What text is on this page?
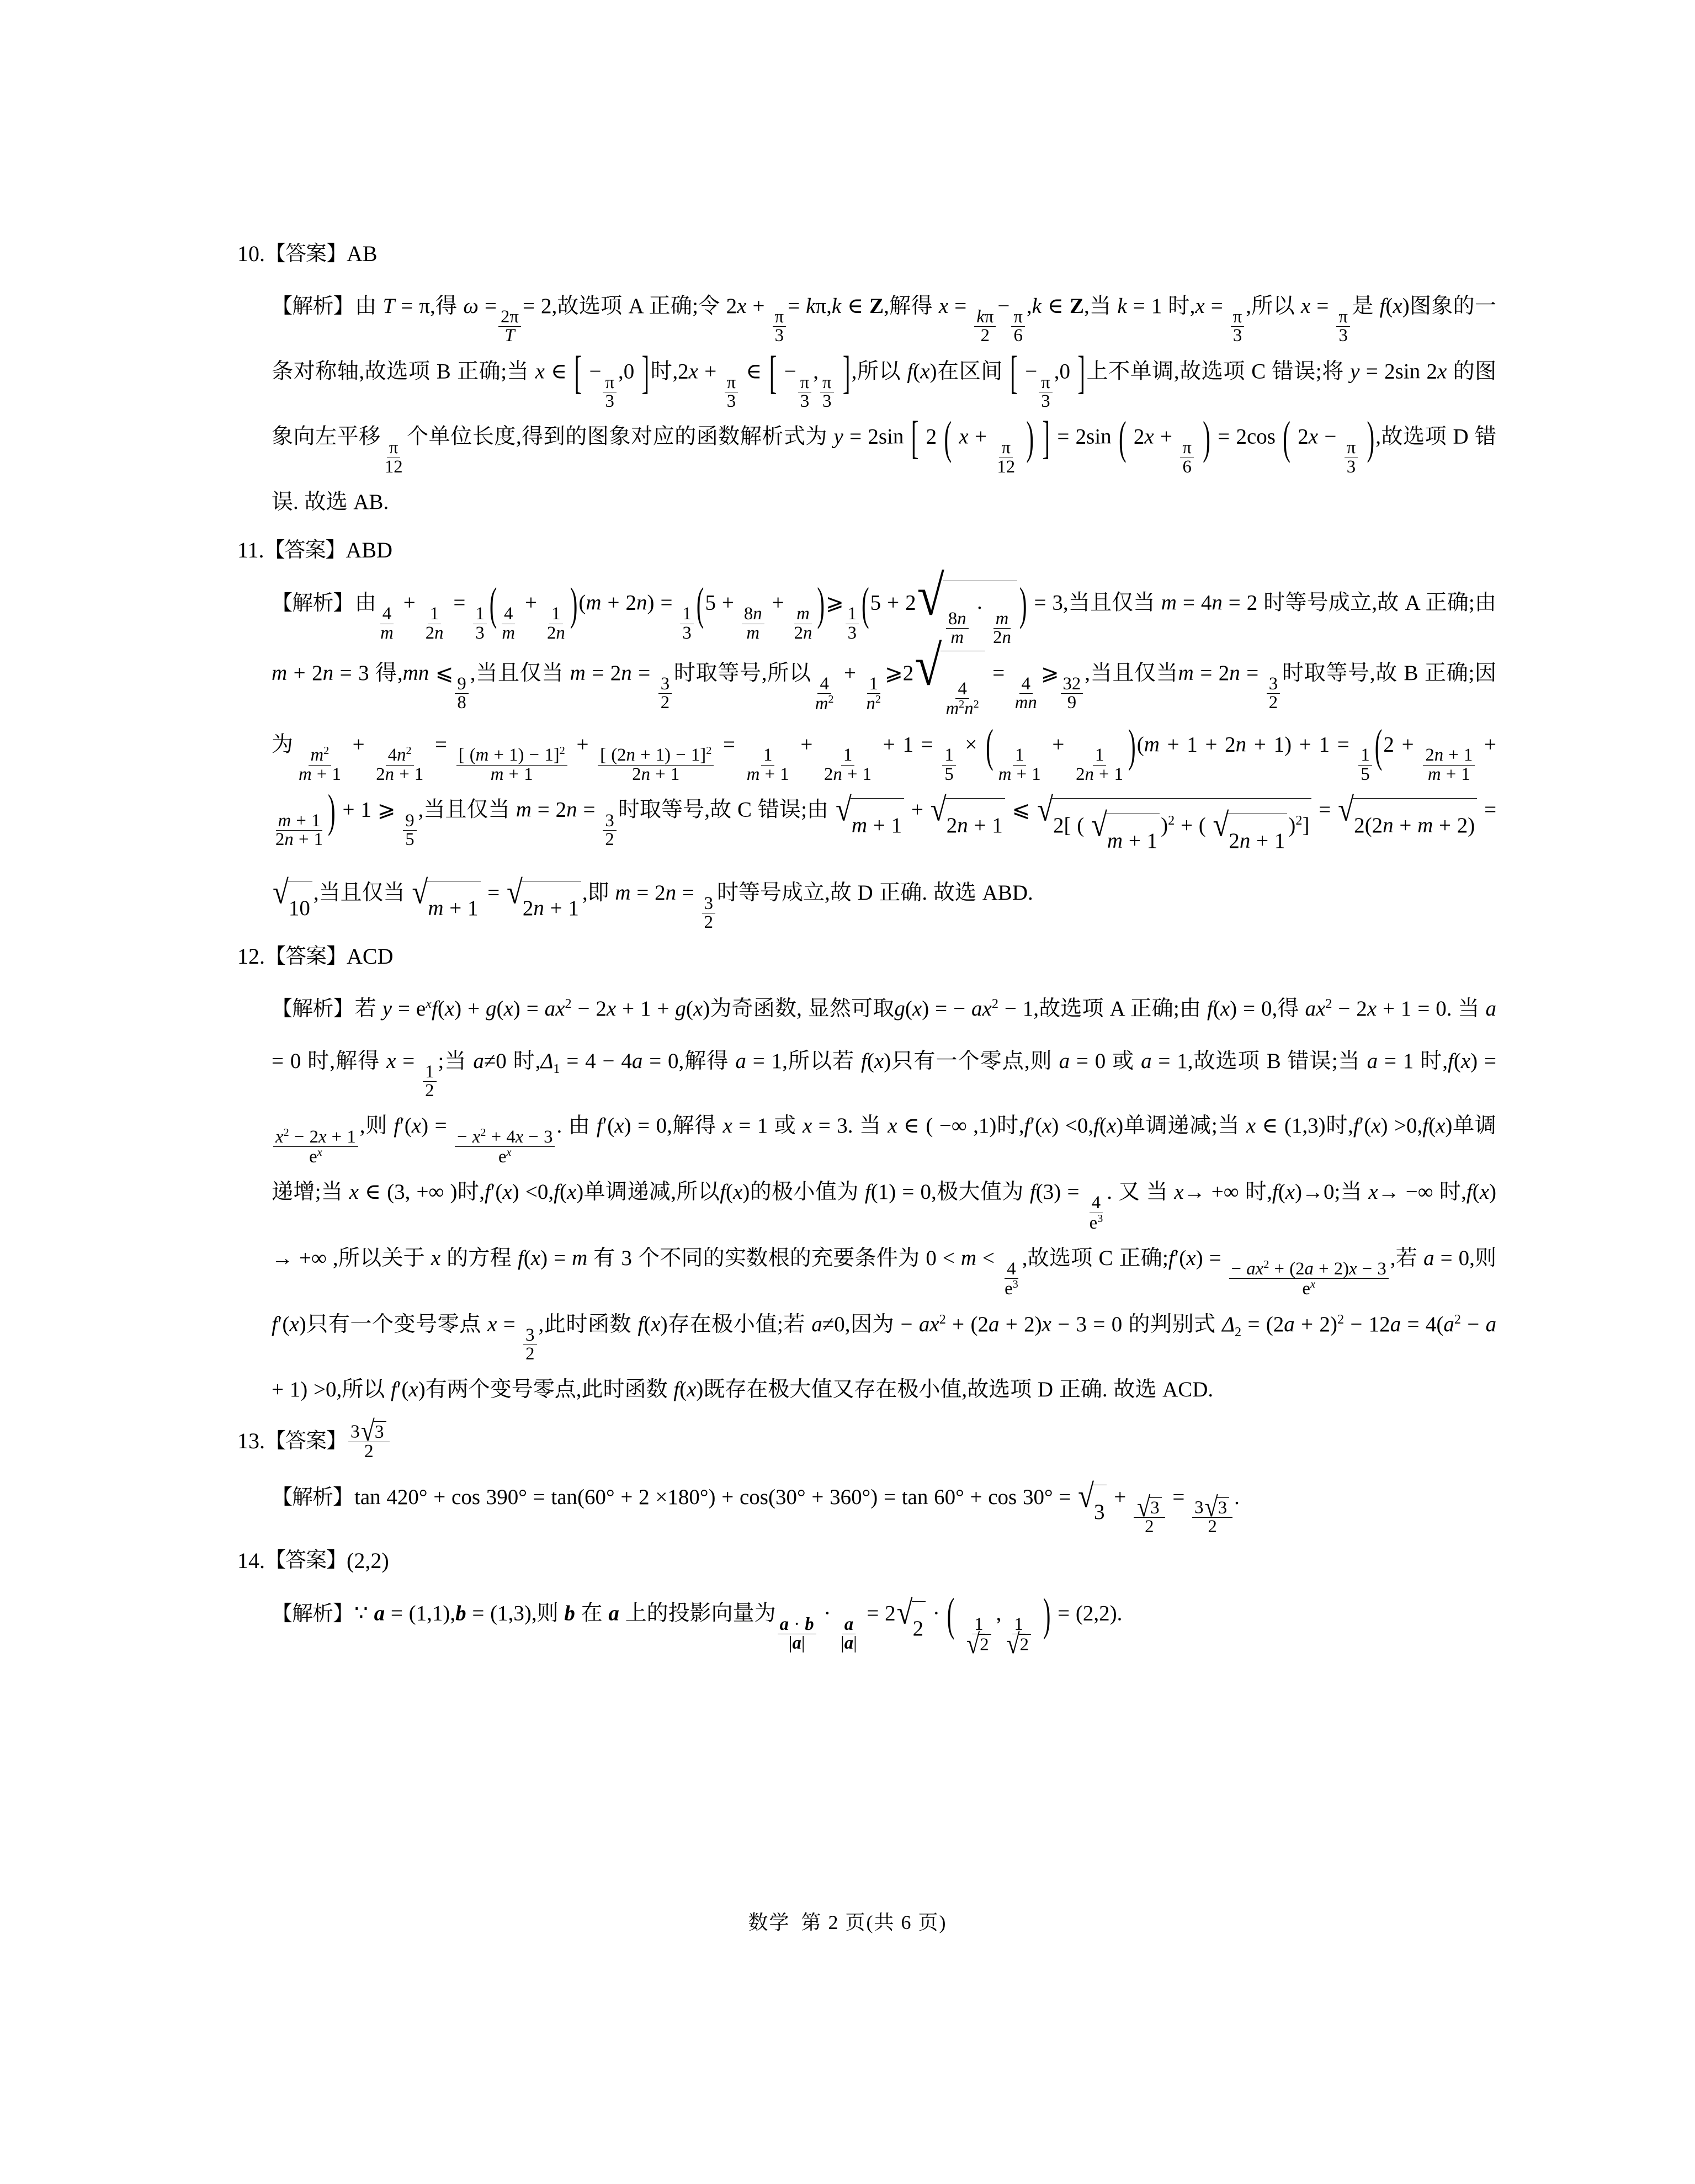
10. 【答案】 AB
【解析】由 T = π,得 ω =
$\frac{2\pi}{T}$
= 2,故选项 A 正确;令 2x +
$\frac{\pi}{3}$
= kπ,k ∈ Z,解得 x =
$\frac{k\pi}{2}$
−
$\frac{\pi}{6}$
,k ∈ Z,当 k = 1 时,x =
$\frac{\pi}{3}$
,所以 x =
$\frac{\pi}{3}$
是 f(x)图象的一条对称轴,故选项 B 正确;当 x ∈ [ −
$\frac{\pi}{3}$
,0 ]时,2x +
$\frac{\pi}{3}$
∈ [ −
$\frac{\pi}{3}$
,
$\frac{\pi}{3}$ ],所以 f(x)在区间 [ −
$\frac{\pi}{3}$
,0 ]上不单调,故选项 C 错误;将 y = 2sin 2x 的图象向左平移
$\frac{\pi}{12}$
个单位长度,得到的图象对应的函数解析式为 y = 2sin [ 2 ( x +
$\frac{\pi}{12}$ ) ] = 2sin ( 2x +
$\frac{\pi}{6}$ ) = 2cos ( 2x −
$\frac{\pi}{3}$ ),故选项 D 错误. 故选 AB.
11. 【答案】 ABD
【解析】由
$\frac{4}{m}$
+
$\frac{1}{2n}$
=
$\frac{1}{3}$ ( $\frac{4}{m}$
+
$\frac{1}{2n} )(m + 2n)$ =
$\frac{1}{3} (5$ +
$\frac{8n}{m}$
+
$\frac{m}{2n}$ )⩾
$\frac{1}{3} (5 + 2$ √
$\frac{8n}{m}$
·
$\frac{m}{2n}$ ) = 3,当且仅当 m = 4n = 2 时等号成立,故 A 正确;由 m + 2n = 3 得,mn ⩽
$\frac{9}{8}$
,当且仅当 m = 2n =
$\frac{3}{2}$
时取等号,所以
$\frac{4}{m^2}$
+
$\frac{1}{n^2}$
⩾2 √
$\frac{4}{m^2n^2}$
=
$\frac{4}{mn}$
⩾
$\frac{32}{9}$
,当且仅当m = 2n =
$\frac{3}{2}$
时取等号,故 B 正确;因为
$\frac{m^2}{m + 1}$
+
$\frac{4n^2}{2n + 1}$
=
$\frac{[ (m + 1) - 1]^2}{m + 1}$
+
$\frac{[ (2n + 1) - 1]^2}{2n + 1}$
=
$\frac{1}{m + 1}$
+
$\frac{1}{2n + 1}$
+ 1 =
$\frac{1}{5}$
× ( $\frac{1}{m + 1}$
+
$\frac{1}{2n + 1} )(m + 1 + 2n + 1) + 1$ =
$\frac{1}{5} (2$ +
$\frac{2n + 1}{m + 1}$
+
$\frac{m + 1}{2n + 1}$ ) + 1 ⩾
$\frac{9}{5}$
,当且仅当 m = 2n =
$\frac{3}{2}$
时取等号,故 C 错误;由 √ m + 1
+ √ 2n + 1
⩽ √ 2[ ( √ m + 1
)$^2$ + ( √ 2n + 1
)$^2$]
= √ 2(2n + m + 2)
=
√ 10
,当且仅当 √ m + 1
= √ 2n + 1
,即 m = 2n =
$\frac{3}{2}$
时等号成立,故 D 正确. 故选 ABD.
12. 【答案】 ACD
【解析】若 $y = e^xf(x) + g(x) = ax^2 - 2x + 1 + g(x)$为奇函数, 显然可取g(x) = − $ax^2 - 1$,故选项 A 正确;由 f(x) = 0,得 $ax^2 - 2x + 1 = 0$. 当 a = 0 时,解得 x =
$\frac{1}{2}$
;当 a≠0 时$,\Delta_1 = 4 - 4a = 0$,解得 a = 1,所以若 f(x)只有一个零点,则 a = 0 或 a = 1,故选项 B 错误;当 a = 1 时,f(x) =
$\frac{x^2 - 2x + 1}{e^x}$
,则 f′(x) =
$\frac{- x^2 + 4x - 3}{e^x}$
. 由 f′(x) = 0,解得 x = 1 或 x = 3. 当 x ∈ ( −∞ ,1)时,f′(x) <0,f(x)单调递减;当 x ∈ (1,3)时,f′(x) >0,f(x)单调递增;当 x ∈ (3, +∞ )时,f′(x) <0,f(x)单调递减,所以f(x)的极小值为 f(1) = 0,极大值为 f(3) =
$\frac{4}{e^3}$
. 又 当 x→ +∞ 时,f(x)→0;当 x→ −∞ 时,f(x) → +∞ ,所以关于 x 的方程 f(x) = m 有 3 个不同的实数根的充要条件为 0 < m <
$\frac{4}{e^3}$
,故选项 C 正确;f′(x) =
$\frac{- ax^2 + (2a + 2)x - 3}{e^x}$
,若 a = 0,则 f′(x)只有一个变号零点 x =
$\frac{3}{2}$
,此时函数 f(x)存在极小值;若 a≠0,因为 − $ax^2 + (2a + 2)x - 3 = 0$ 的判别式 $\Delta_2 = (2a + 2)^2 - 12a = 4(a^2 - a + 1) >0$,所以 f′(x)有两个变号零点,此时函数 f(x)既存在极大值又存在极小值,故选项 D 正确. 故选 ACD.
13. 【答案】 $\frac{3 √ 3}{2}$
【解析】tan 420° + cos 390° = tan(60° + 2 ×180°) + cos(30° + 360°) = tan 60° + cos 30° = √ 3
+
$\frac{√ 3}{2}$
=
$\frac{3 √ 3}{2}$
.
14. 【答案】 (2,2)
【解析】∵ a = (1,1),b = (1,3),则 b 在 a 上的投影向量为
$\frac{a \cdot b}{|a|}$
·
$\frac{a}{|a|}$
= 2 √ 2
· ( $\frac{1}{√ 2}$
,
$\frac{1}{√ 2}$ ) = (2,2).
数学 第 2 页(共 6 页)
